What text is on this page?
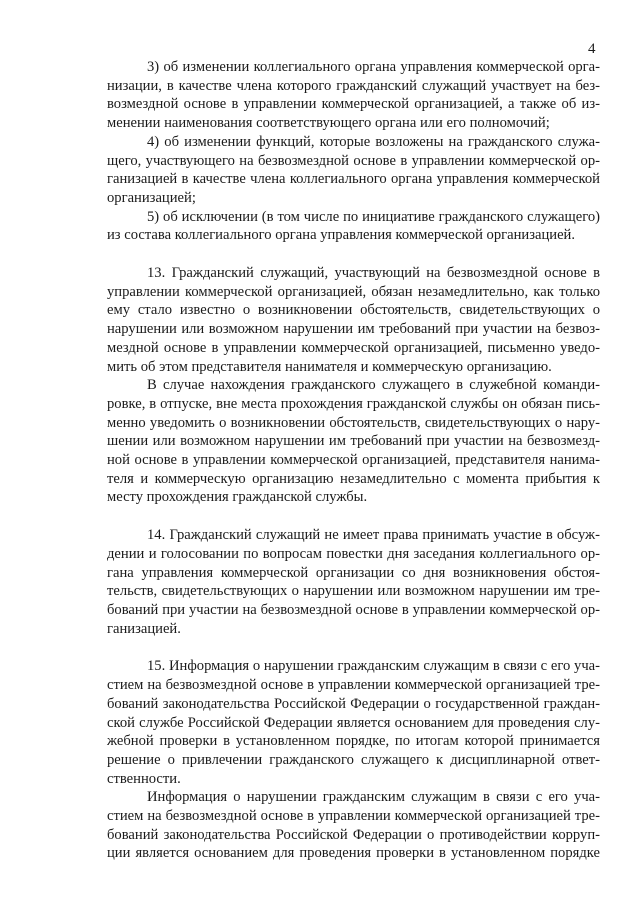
4
3) об изменении коллегиального органа управления коммерческой орга-
низации, в качестве члена которого гражданский служащий участвует на без-
возмездной основе в управлении коммерческой организацией, а также об из-
менении наименования соответствующего органа или его полномочий;
4) об изменении функций, которые возложены на гражданского служа-
щего, участвующего на безвозмездной основе в управлении коммерческой ор-
ганизацией в качестве члена коллегиального органа управления коммерческой
организацией;
5) об исключении (в том числе по инициативе гражданского служащего)
из состава коллегиального органа управления коммерческой организацией.
13. Гражданский служащий, участвующий на безвозмездной основе в
управлении коммерческой организацией, обязан незамедлительно, как только
ему стало известно о возникновении обстоятельств, свидетельствующих о
нарушении или возможном нарушении им требований при участии на безвоз-
мездной основе в управлении коммерческой организацией, письменно уведо-
мить об этом представителя нанимателя и коммерческую организацию.
В случае нахождения гражданского служащего в служебной команди-
ровке, в отпуске, вне места прохождения гражданской службы он обязан пись-
менно уведомить о возникновении обстоятельств, свидетельствующих о нару-
шении или возможном нарушении им требований при участии на безвозмезд-
ной основе в управлении коммерческой организацией, представителя нанима-
теля и коммерческую организацию незамедлительно с момента прибытия к
месту прохождения гражданской службы.
14. Гражданский служащий не имеет права принимать участие в обсуж-
дении и голосовании по вопросам повестки дня заседания коллегиального ор-
гана управления коммерческой организации со дня возникновения обстоя-
тельств, свидетельствующих о нарушении или возможном нарушении им тре-
бований при участии на безвозмездной основе в управлении коммерческой ор-
ганизацией.
15. Информация о нарушении гражданским служащим в связи с его уча-
стием на безвозмездной основе в управлении коммерческой организацией тре-
бований законодательства Российской Федерации о государственной граждан-
ской службе Российской Федерации является основанием для проведения слу-
жебной проверки в установленном порядке, по итогам которой принимается
решение о привлечении гражданского служащего к дисциплинарной ответ-
ственности.
Информация о нарушении гражданским служащим в связи с его уча-
стием на безвозмездной основе в управлении коммерческой организацией тре-
бований законодательства Российской Федерации о противодействии корруп-
ции является основанием для проведения проверки в установленном порядке
